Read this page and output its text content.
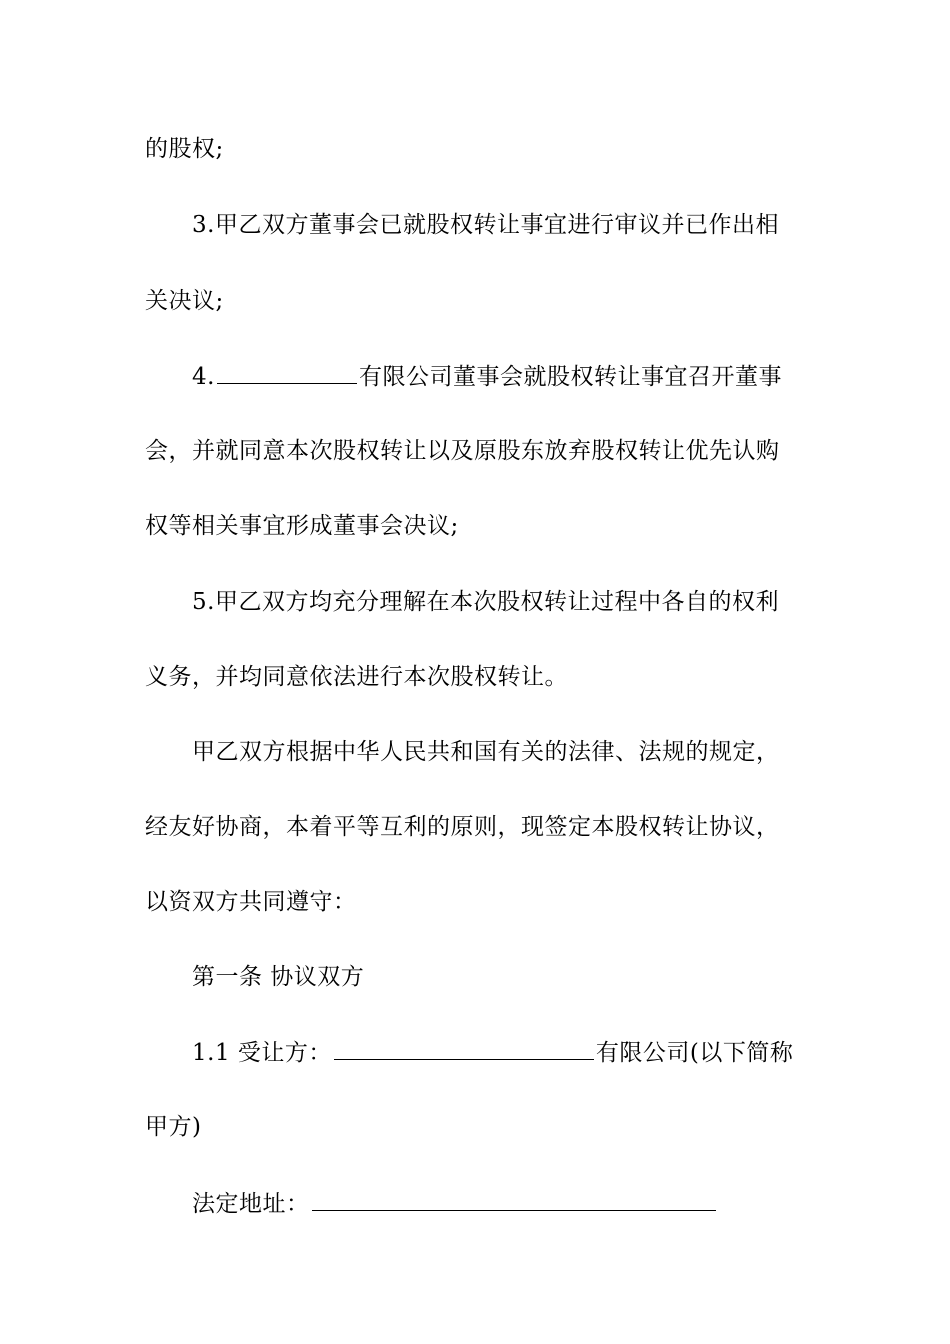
的股权;
3.甲乙双方董事会已就股权转让事宜进行审议并已作出相
关决议;
4.	有限公司董事会就股权转让事宜召开董事
会，并就同意本次股权转让以及原股东放弃股权转让优先认购
权等相关事宜形成董事会决议;
5.甲乙双方均充分理解在本次股权转让过程中各自的权利
义务，并均同意依法进行本次股权转让。
甲乙双方根据中华人民共和国有关的法律、法规的规定，
经友好协商，本着平等互利的原则，现签定本股权转让协议，
以资双方共同遵守：
第一条 协议双方
1.1 受让方：	有限公司(以下简称
甲方)
法定地址：
